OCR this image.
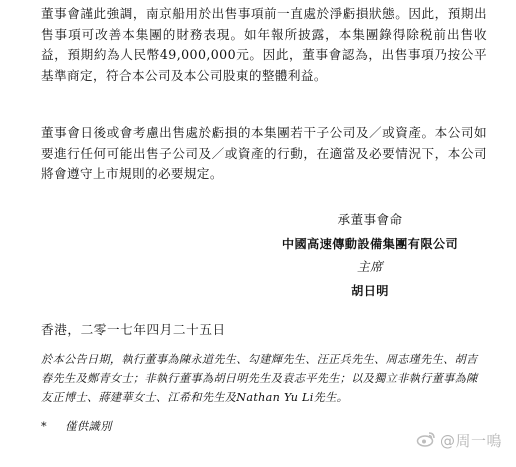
董事會謹此強調，南京船用於出售事項前一直處於淨虧損狀態。因此，預期出售事項可改善本集團的財務表現。如年報所披露，本集團錄得除税前出售收益，預期約為人民幣49,000,000元。因此，董事會認為，出售事項乃按公平基準商定，符合本公司及本公司股東的整體利益。

董事會日後或會考慮出售處於虧損的本集團若干子公司及／或資產。本公司如要進行任何可能出售子公司及／或資產的行動，在適當及必要情況下，本公司將會遵守上市規則的必要規定。

承董事會命
中國高速傳動設備集團有限公司
主席
胡日明
香港，二零一七年四月二十五日

於本公告日期，執行董事為陳永道先生、勾建輝先生、汪正兵先生、周志瑾先生、胡吉春先生及鄭青女士；非執行董事為胡日明先生及袁志平先生；以及獨立非執行董事為陳友正博士、蔣建華女士、江希和先生及Nathan Yu Li先生。

* 僅供識別
@周一鳴
